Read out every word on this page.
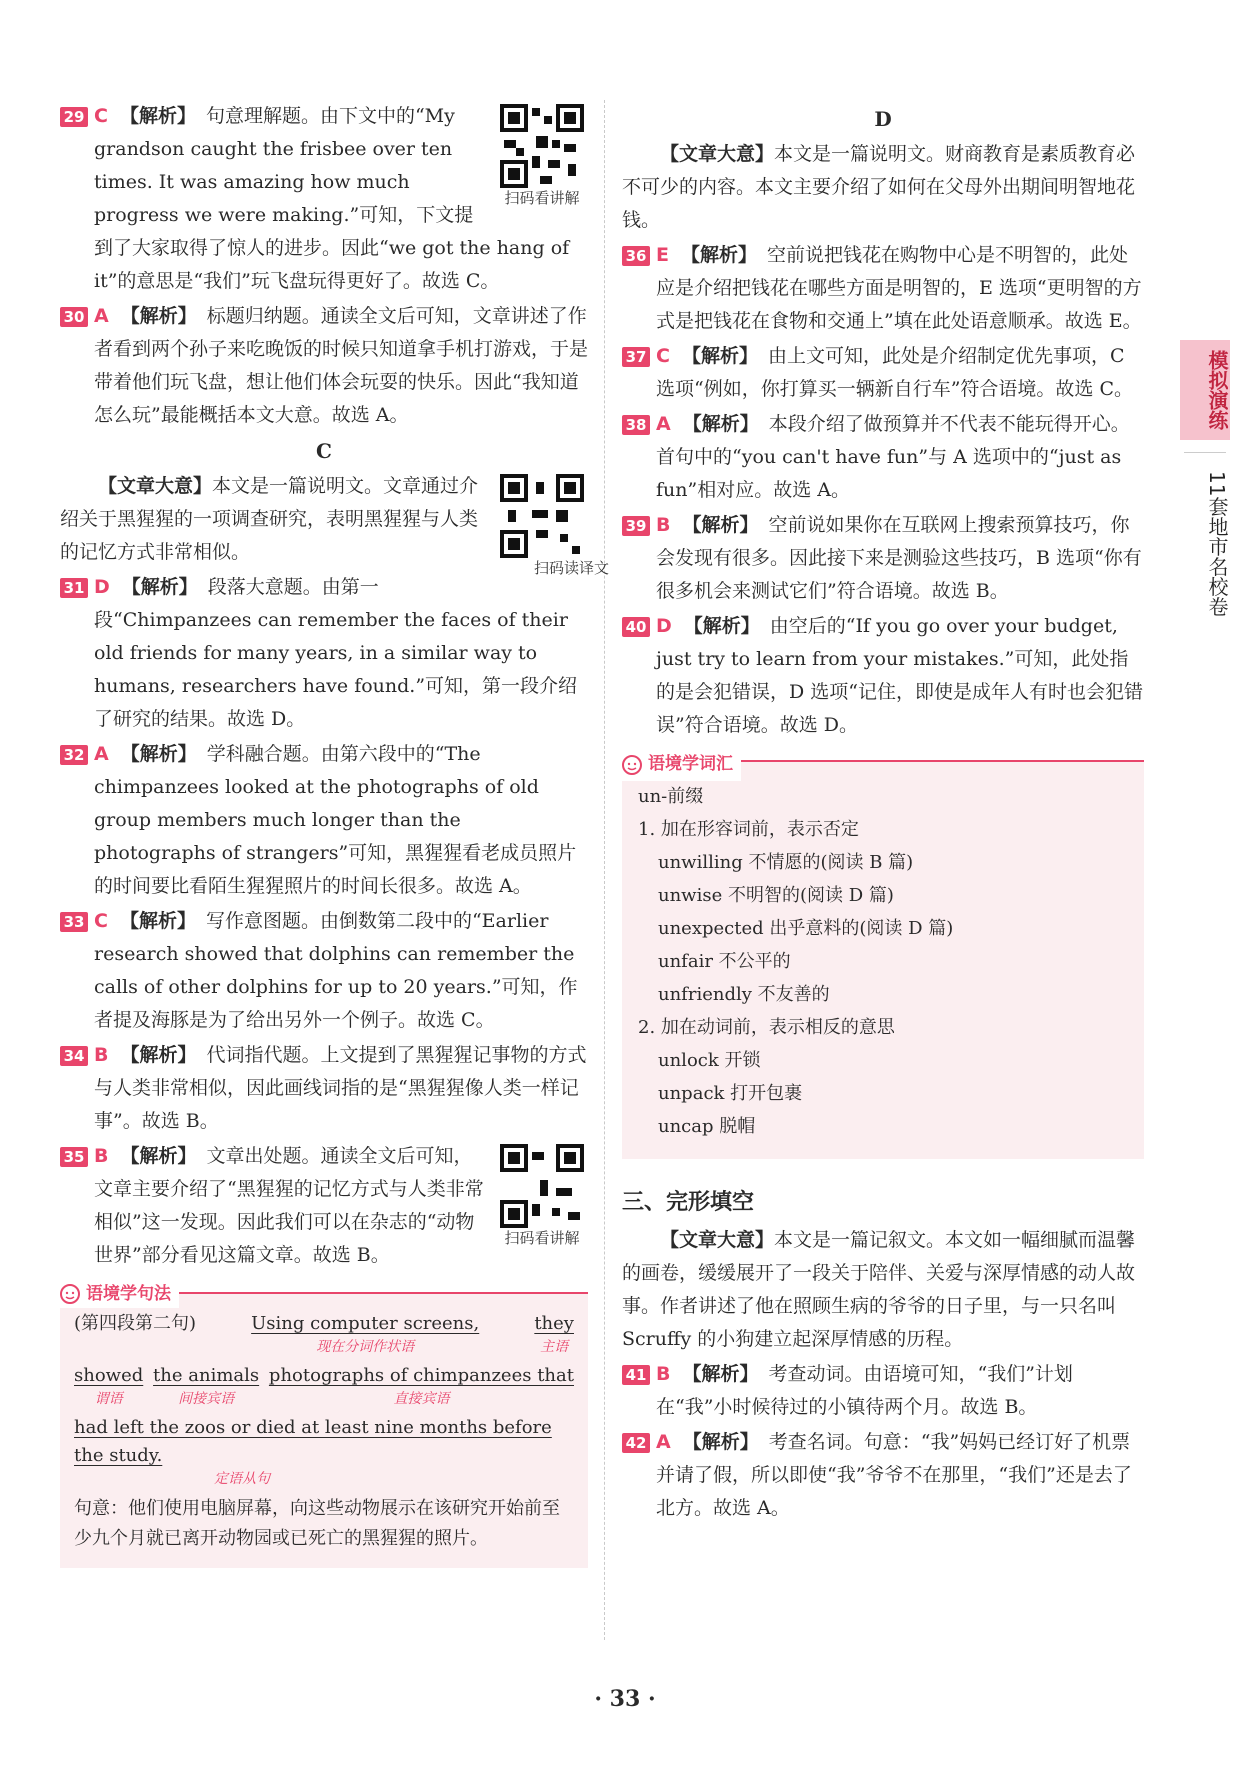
扫码看讲解
29 C 【解析】 句意理解题。由下文中的“My grandson caught the frisbee over ten times. It was amazing how much progress we were making.”可知，下文提到了大家取得了惊人的进步。因此“we got the hang of it”的意思是“我们”玩飞盘玩得更好了。故选 C。
30 A 【解析】 标题归纳题。通读全文后可知，文章讲述了作者看到两个孙子来吃晚饭的时候只知道拿手机打游戏，于是带着他们玩飞盘，想让他们体会玩耍的快乐。因此“我知道怎么玩”最能概括本文大意。故选 A。
C
扫码读译文
【文章大意】本文是一篇说明文。文章通过介绍关于黑猩猩的一项调查研究，表明黑猩猩与人类的记忆方式非常相似。
31 D 【解析】 段落大意题。由第一段“Chimpanzees can remember the faces of their old friends for many years, in a similar way to humans, researchers have found.”可知，第一段介绍了研究的结果。故选 D。
32 A 【解析】 学科融合题。由第六段中的“The chimpanzees looked at the photographs of old group members much longer than the photographs of strangers”可知，黑猩猩看老成员照片的时间要比看陌生猩猩照片的时间长很多。故选 A。
33 C 【解析】 写作意图题。由倒数第二段中的“Earlier research showed that dolphins can remember the calls of other dolphins for up to 20 years.”可知，作者提及海豚是为了给出另外一个例子。故选 C。
34 B 【解析】 代词指代题。上文提到了黑猩猩记事物的方式与人类非常相似，因此画线词指的是“黑猩猩像人类一样记事”。故选 B。
扫码看讲解
35 B 【解析】 文章出处题。通读全文后可知，文章主要介绍了“黑猩猩的记忆方式与人类非常相似”这一发现。因此我们可以在杂志的“动物世界”部分看见这篇文章。故选 B。
语境学句法
(第四段第二句)	Using computer screens,
现在分词作状语
they
主语
showed
谓语
the animals
间接宾语
photographs of chimpanzees that
直接宾语
had left the zoos or died at least nine months before the study.
定语从句
句意：他们使用电脑屏幕，向这些动物展示在该研究开始前至少九个月就已离开动物园或已死亡的黑猩猩的照片。
D
【文章大意】本文是一篇说明文。财商教育是素质教育必不可少的内容。本文主要介绍了如何在父母外出期间明智地花钱。
36 E 【解析】 空前说把钱花在购物中心是不明智的，此处应是介绍把钱花在哪些方面是明智的，E 选项“更明智的方式是把钱花在食物和交通上”填在此处语意顺承。故选 E。
37 C 【解析】 由上文可知，此处是介绍制定优先事项，C 选项“例如，你打算买一辆新自行车”符合语境。故选 C。
38 A 【解析】 本段介绍了做预算并不代表不能玩得开心。首句中的“you can't have fun”与 A 选项中的“just as fun”相对应。故选 A。
39 B 【解析】 空前说如果你在互联网上搜索预算技巧，你会发现有很多。因此接下来是测验这些技巧，B 选项“你有很多机会来测试它们”符合语境。故选 B。
40 D 【解析】 由空后的“If you go over your budget, just try to learn from your mistakes.”可知，此处指的是会犯错误，D 选项“记住，即使是成年人有时也会犯错误”符合语境。故选 D。
语境学词汇
un-前缀
1. 加在形容词前，表示否定
unwilling 不情愿的(阅读 B 篇)
unwise 不明智的(阅读 D 篇)
unexpected 出乎意料的(阅读 D 篇)
unfair 不公平的
unfriendly 不友善的
2. 加在动词前，表示相反的意思
unlock 开锁
unpack 打开包裹
uncap 脱帽
三、完形填空
【文章大意】本文是一篇记叙文。本文如一幅细腻而温馨的画卷，缓缓展开了一段关于陪伴、关爱与深厚情感的动人故事。作者讲述了他在照顾生病的爷爷的日子里，与一只名叫 Scruffy 的小狗建立起深厚情感的历程。
41 B 【解析】 考查动词。由语境可知，“我们”计划在“我”小时候待过的小镇待两个月。故选 B。
42 A 【解析】 考查名词。句意：“我”妈妈已经订好了机票并请了假，所以即使“我”爷爷不在那里，“我们”还是去了北方。故选 A。
模拟演练
11套地市名校卷
· 33 ·
